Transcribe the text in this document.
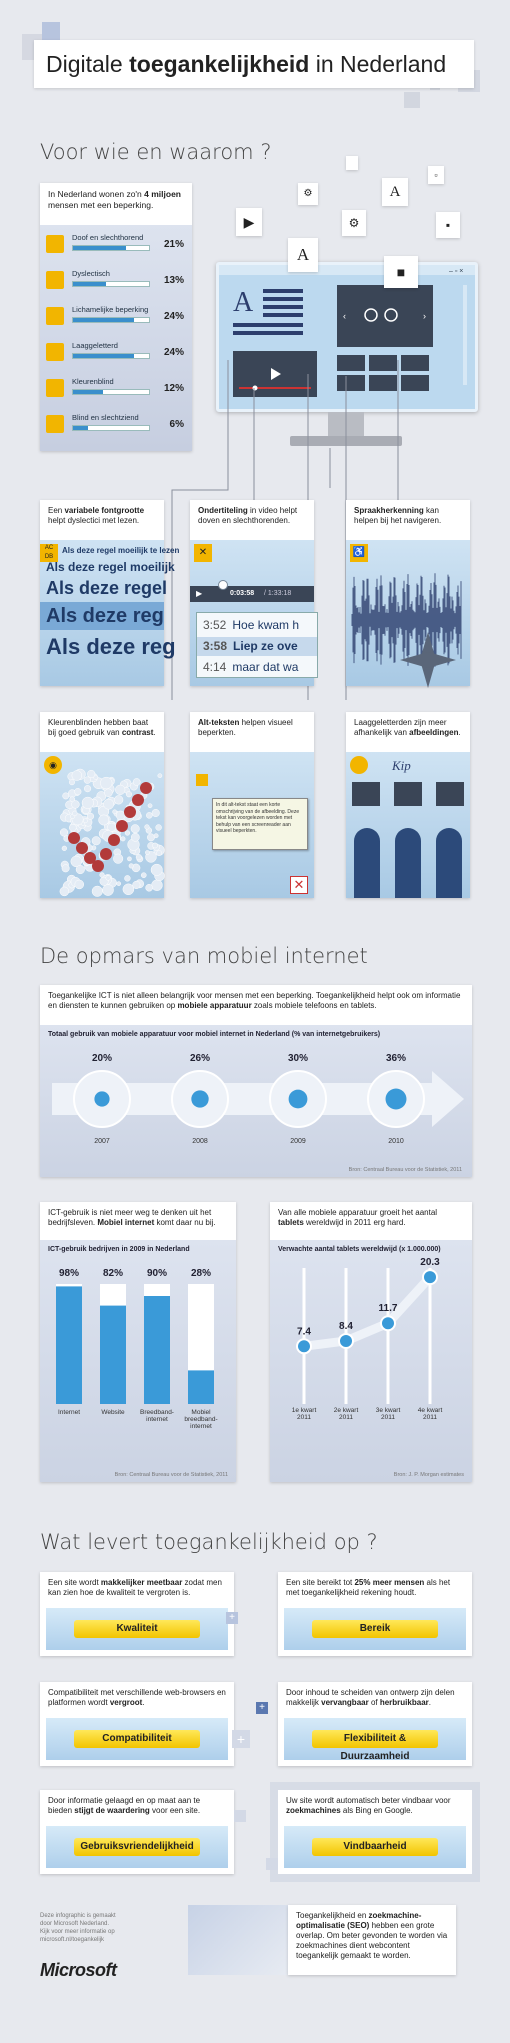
Digitale toegankelijkheid in Nederland
Voor wie en waarom ?
In Nederland wonen zo'n 4 miljoen mensen met een beperking.
Doof en slechthorend
21%
Dyslectisch
13%
Lichamelijke beperking
24%
Laaggeletterd
24%
Kleurenblind
12%
Blind en slechtziend
6%
– ▫ ×
A	‹	›
▶
⚙
⚙
A
▫
▪
A
■
Een variabele fontgrootte helpt dyslectici met lezen.
AC
DB
Als deze regel moeilijk te lezen
Als deze regel moeilijk
Als deze regel
Als deze reg
Als deze reg
Ondertiteling in video helpt doven en slechthorenden.
✕
▶	0:03:58 / 1:33:18
3:52 Hoe kwam h
3:58 Liep ze ove
4:14 maar dat wa
Spraakherkenning kan helpen bij het navigeren.
♿
Kleurenblinden hebben baat bij goed gebruik van contrast.
◉
Alt-teksten helpen visueel beperkten.
In dit alt-tekst staat een korte omschrijving van de afbeelding. Deze tekst kan voorgelezen worden met behulp van een screenreader aan visueel beperkten.
✕
Laaggeletterden zijn meer afhankelijk van afbeeldingen.
Kip
De opmars van mobiel internet
Toegankelijke ICT is niet alleen belangrijk voor mensen met een beperking. Toegankelijkheid helpt ook om informatie en diensten te kunnen gebruiken op mobiele apparatuur zoals mobiele telefoons en tablets.
Totaal gebruik van mobiele apparatuur voor mobiel internet in Nederland (% van internetgebruikers)
20%
2007
26%
2008
30%
2009
36%
2010
Bron: Centraal Bureau voor de Statistiek, 2011
ICT-gebruik is niet meer weg te denken uit het bedrijfsleven. Mobiel internet komt daar nu bij.
ICT-gebruik bedrijven in 2009 in Nederland
98%
Internet
82%
Website
90%
Breedband-internet
28%
Mobiel breedband-internet
Bron: Centraal Bureau voor de Statistiek, 2011
Van alle mobiele apparatuur groeit het aantal tablets wereldwijd in 2011 erg hard.
Verwachte aantal tablets wereldwijd (x 1.000.000)
7.4
1e kwart 2011
8.4
2e kwart 2011
11.7
3e kwart 2011
20.3
4e kwart 2011
Bron: J. P. Morgan estimates
Wat levert toegankelijkheid op ?
Een site wordt makkelijker meetbaar zodat men kan zien hoe de kwaliteit te vergroten is.
Kwaliteit
Een site bereikt tot 25% meer mensen als het met toegankelijkheid rekening houdt.
Bereik
Compatibiliteit met verschillende web-browsers en platformen wordt vergroot.
Compatibiliteit
Door inhoud te scheiden van ontwerp zijn delen makkelijk vervangbaar of herbruikbaar.
Flexibiliteit & Duurzaamheid
Door informatie gelaagd en op maat aan te bieden stijgt de waardering voor een site.
Gebruiksvriendelijkheid
Uw site wordt automatisch beter vindbaar voor zoekmachines als Bing en Google.
Vindbaarheid
+
+
+
Deze infographic is gemaakt
door Microsoft Nederland.
Kijk voor meer informatie op
microsoft.nl/toegankelijk
Microsoft
Toegankelijkheid en zoekmachine-optimalisatie (SEO) hebben een grote overlap. Om beter gevonden te worden via zoekmachines dient webcontent toegankelijk gemaakt te worden.
